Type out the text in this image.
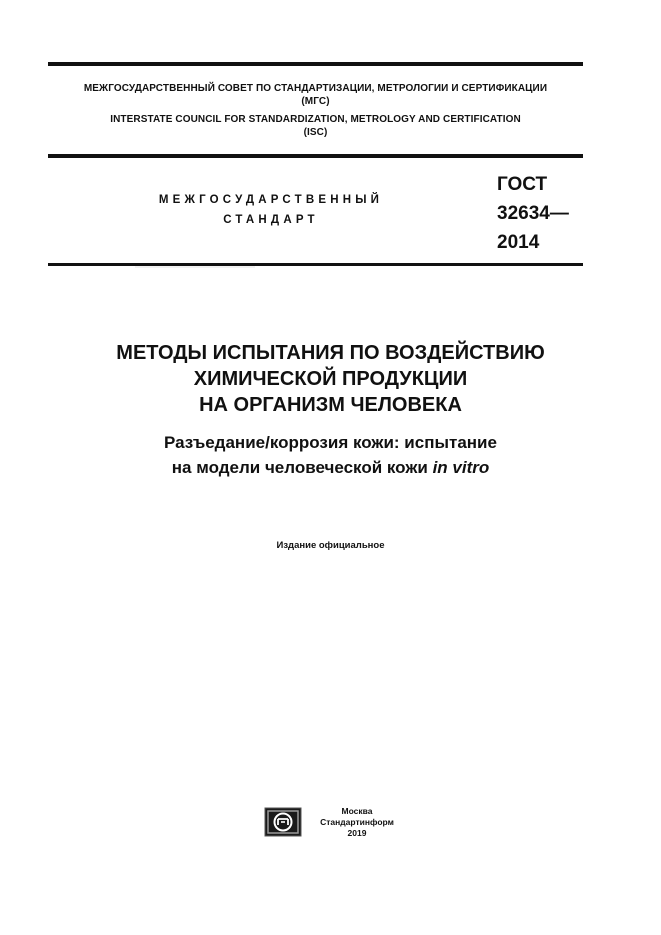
МЕЖГОСУДАРСТВЕННЫЙ СОВЕТ ПО СТАНДАРТИЗАЦИИ, МЕТРОЛОГИИ И СЕРТИФИКАЦИИ
(МГС)
INTERSTATE COUNCIL FOR STANDARDIZATION, METROLOGY AND CERTIFICATION
(ISC)
МЕЖГОСУДАРСТВЕННЫЙ
СТАНДАРТ
ГОСТ
32634—
2014
МЕТОДЫ ИСПЫТАНИЯ ПО ВОЗДЕЙСТВИЮ
ХИМИЧЕСКОЙ ПРОДУКЦИИ
НА ОРГАНИЗМ ЧЕЛОВЕКА
Разъедание/коррозия кожи: испытание
на модели человеческой кожи in vitro
Издание официальное
Москва
Стандартинформ
2019
